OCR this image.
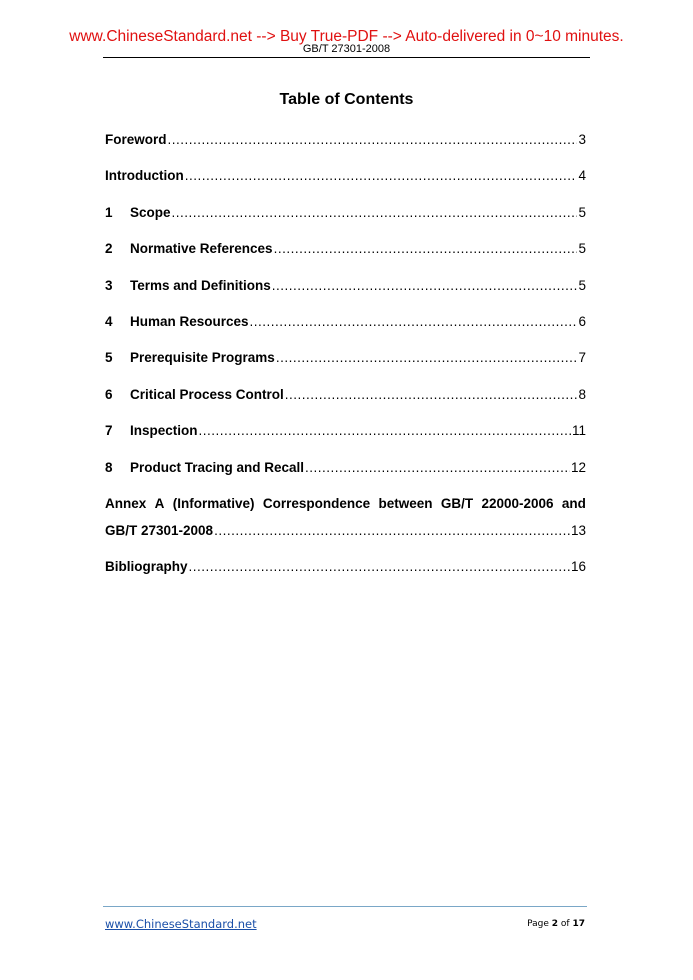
www.ChineseStandard.net --> Buy True-PDF --> Auto-delivered in 0~10 minutes.
GB/T 27301-2008
Table of Contents
Foreword .....	3
Introduction .....	4
1	Scope .....	5
2	Normative References .....	5
3	Terms and Definitions .....	5
4	Human Resources .....	6
5	Prerequisite Programs .....	7
6	Critical Process Control .....	8
7	Inspection .....	11
8	Product Tracing and Recall .....	12
Annex A (Informative) Correspondence between GB/T 22000-2006 and
GB/T 27301-2008 .....	13
Bibliography .....	16
www.ChineseStandard.net	Page 2 of 17
